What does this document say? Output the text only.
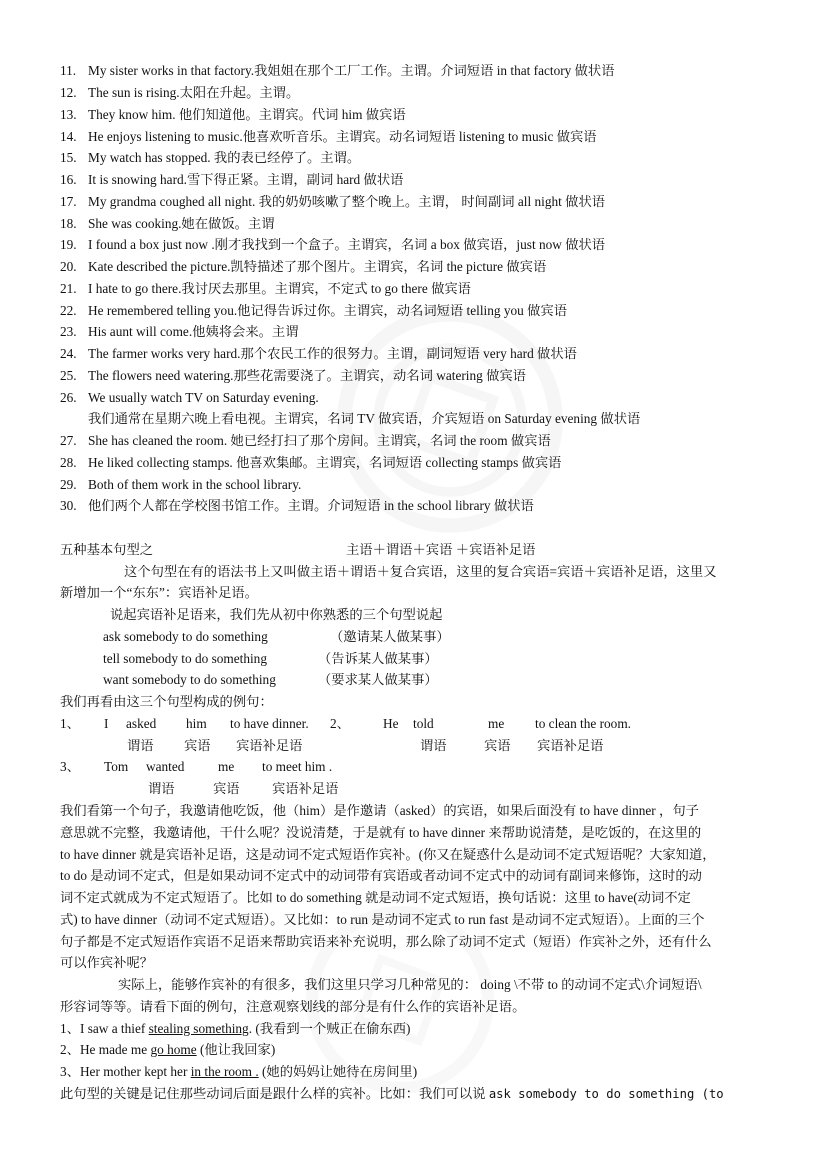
11. My sister works in that factory.我姐姐在那个工厂工作。主谓。介词短语 in that factory 做状语
12. The sun is rising.太阳在升起。主谓。
13. They know him. 他们知道他。主谓宾。代词 him 做宾语
14. He enjoys listening to music.他喜欢听音乐。主谓宾。动名词短语 listening to music 做宾语
15. My watch has stopped. 我的表已经停了。主谓。
16. It is snowing hard.雪下得正紧。主谓，副词 hard 做状语
17. My grandma coughed all night. 我的奶奶咳嗽了整个晚上。主谓， 时间副词 all night 做状语
18. She was cooking.她在做饭。主谓
19. I found a box just now .刚才我找到一个盒子。主谓宾，名词 a box 做宾语，just now 做状语
20. Kate described the picture.凯特描述了那个图片。主谓宾，名词 the picture 做宾语
21. I hate to go there.我讨厌去那里。主谓宾，不定式 to go there 做宾语
22. He remembered telling you.他记得告诉过你。主谓宾，动名词短语 telling you 做宾语
23. His aunt will come.他姨将会来。主谓
24. The farmer works very hard.那个农民工作的很努力。主谓，副词短语 very hard 做状语
25. The flowers need watering.那些花需要浇了。主谓宾，动名词 watering 做宾语
26. We usually watch TV on Saturday evening.
我们通常在星期六晚上看电视。主谓宾，名词 TV 做宾语，介宾短语 on Saturday evening 做状语
27. She has cleaned the room. 她已经打扫了那个房间。主谓宾，名词 the room 做宾语
28. He liked collecting stamps. 他喜欢集邮。主谓宾，名词短语 collecting stamps 做宾语
29. Both of them work in the school library.
30. 他们两个人都在学校图书馆工作。主谓。介词短语 in the school library 做状语
五种基本句型之	主语＋谓语＋宾语 ＋宾语补足语
这个句型在有的语法书上又叫做主语＋谓语＋复合宾语，这里的复合宾语=宾语＋宾语补足语，这里又
新增加一个“东东”：宾语补足语。
说起宾语补足语来，我们先从初中你熟悉的三个句型说起
ask somebody to do something	（邀请某人做某事）
tell somebody to do something	（告诉某人做某事）
want somebody to do something	（要求某人做某事）
我们再看由这三个句型构成的例句：
1、 I asked him to have dinner. 2、 He told	me to clean the room.
谓语 宾语 宾语补足语	谓语	宾语 宾语补足语
3、 Tom wanted	me to meet him .
谓语	宾语 宾语补足语
我们看第一个句子，我邀请他吃饭，他（him）是作邀请（asked）的宾语，如果后面没有 to have dinner ，句子
意思就不完整，我邀请他，干什么呢？没说清楚，于是就有 to have dinner 来帮助说清楚，是吃饭的，在这里的
to have dinner 就是宾语补足语，这是动词不定式短语作宾补。(你又在疑惑什么是动词不定式短语呢？大家知道，
to do 是动词不定式，但是如果动词不定式中的动词带有宾语或者动词不定式中的动词有副词来修饰，这时的动
词不定式就成为不定式短语了。比如 to do something 就是动词不定式短语，换句话说：这里 to have(动词不定
式) to have dinner（动词不定式短语）。又比如：to run 是动词不定式 to run fast 是动词不定式短语）。上面的三个
句子都是不定式短语作宾语不足语来帮助宾语来补充说明，那么除了动词不定式（短语）作宾补之外，还有什么
可以作宾补呢？
实际上，能够作宾补的有很多，我们这里只学习几种常见的： doing \不带 to 的动词不定式\介词短语\
形容词等等。请看下面的例句，注意观察划线的部分是有什么作的宾语补足语。
1、I saw a thief stealing something. (我看到一个贼正在偷东西)
2、He made me go home (他让我回家)
3、Her mother kept her in the room . (她的妈妈让她待在房间里)
此句型的关键是记住那些动词后面是跟什么样的宾补。比如：我们可以说 ask somebody to do something (to
